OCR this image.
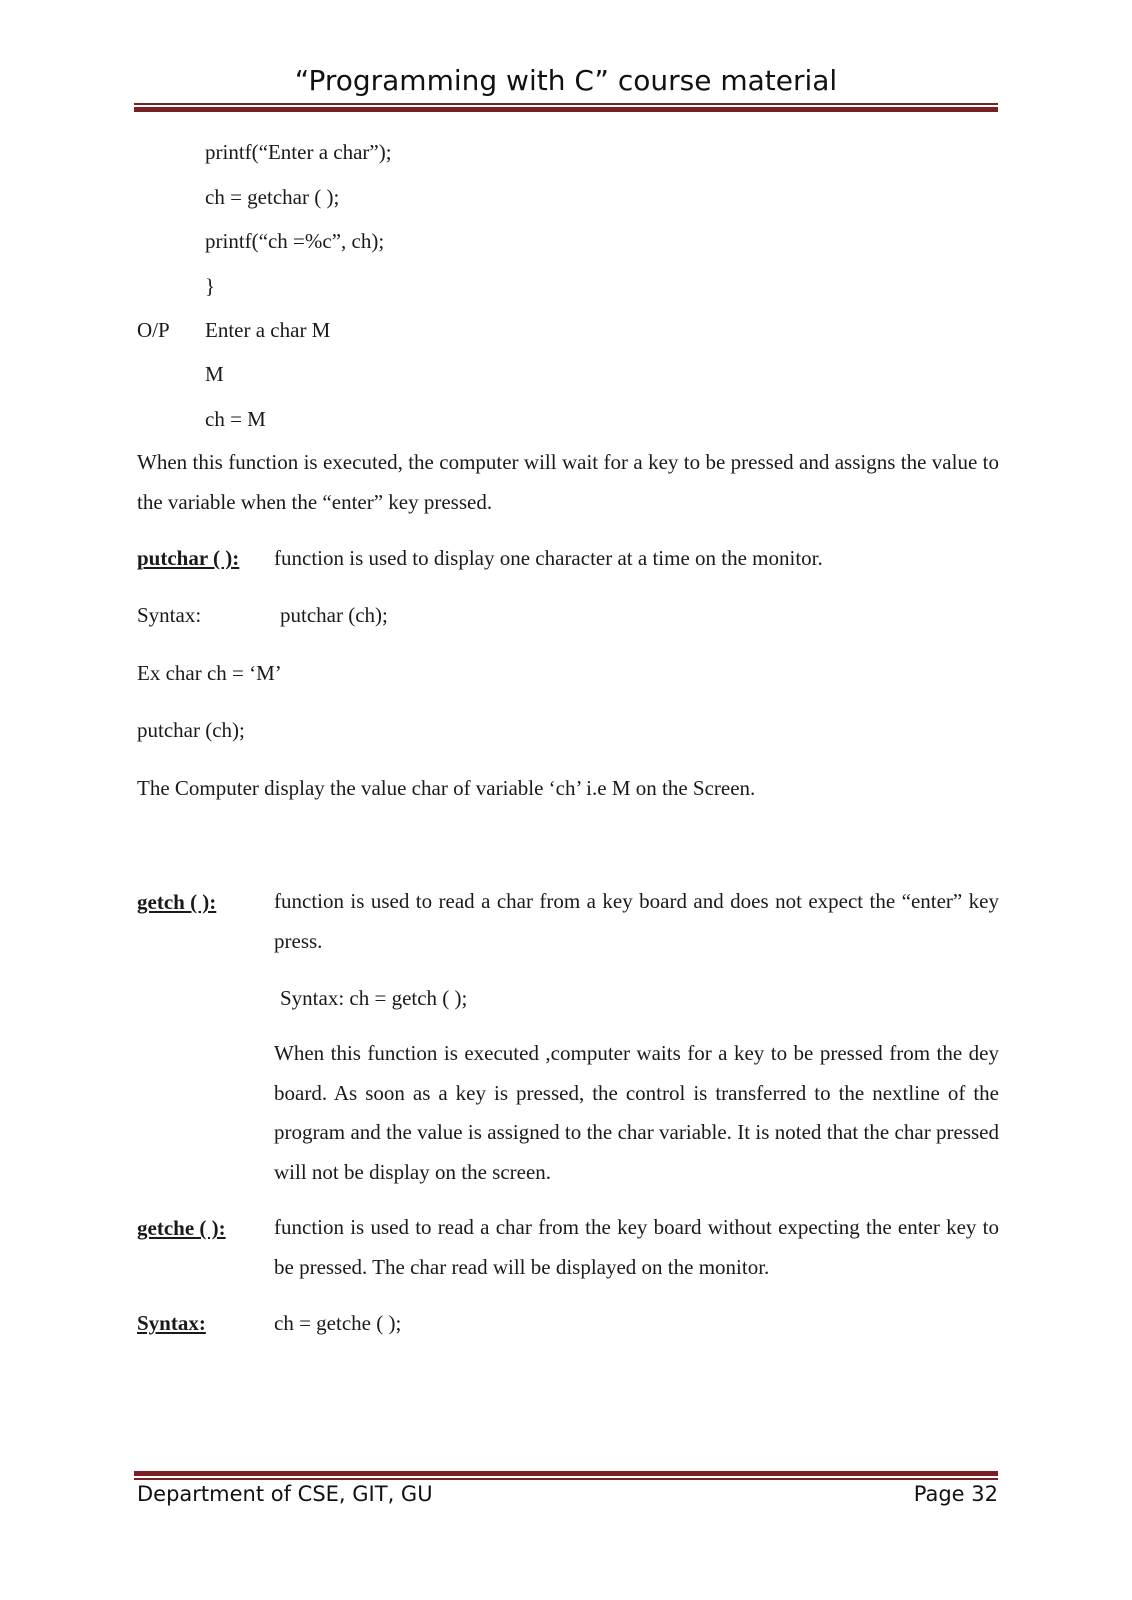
“Programming with C” course material
printf(“Enter a char”);
ch = getchar ( );
printf(“ch =%c”, ch);
}
O/P Enter a char M
M
ch = M
When this function is executed, the computer will wait for a key to be pressed and assigns the value to the variable when the “enter” key pressed.
putchar ( ): function is used to display one character at a time on the monitor.
Syntax:	putchar (ch);
Ex char ch = ‘M’
putchar (ch);
The Computer display the value char of variable ‘ch’ i.e M on the Screen.
getch ( ):	function is used to read a char from a key board and does not expect the “enter” key press.
Syntax: ch = getch ( );
When this function is executed ,computer waits for a key to be pressed from the dey board. As soon as a key is pressed, the control is transferred to the nextline of the program and the value is assigned to the char variable. It is noted that the char pressed will not be display on the screen.
getche ( ): function is used to read a char from the key board without expecting the enter key to be pressed. The char read will be displayed on the monitor.
Syntax:	ch = getche ( );
Department of CSE, GIT, GU	Page 32
